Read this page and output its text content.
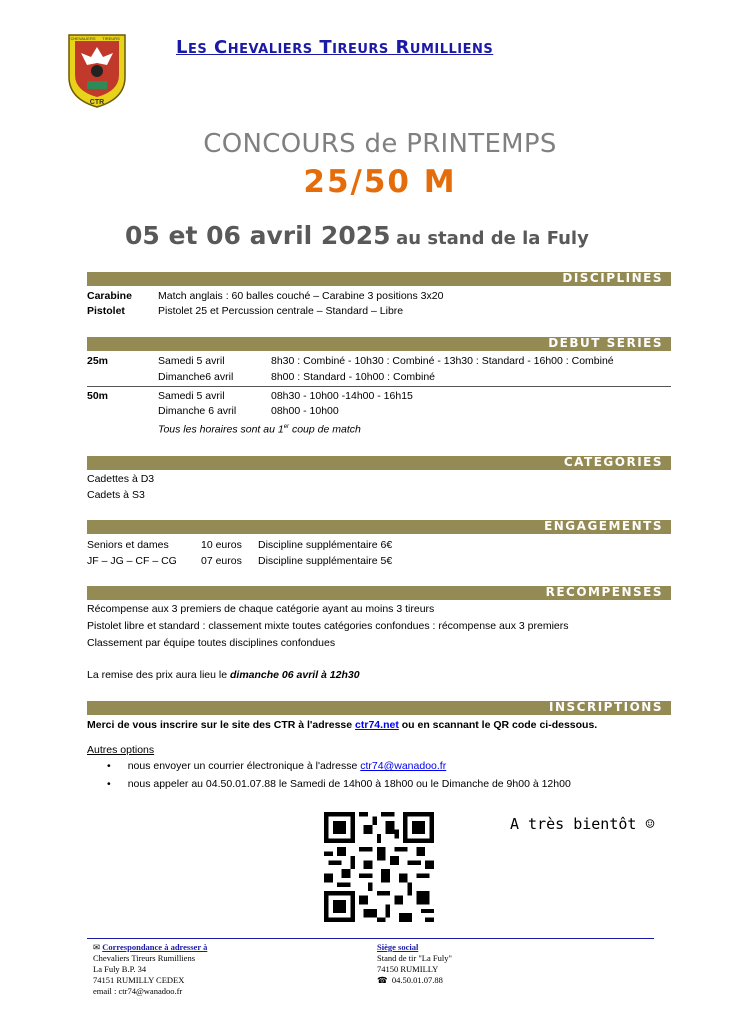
CTR
CHEVALIERS TIREURS	Les Chevaliers Tireurs Rumilliens
CONCOURS de PRINTEMPS
25/50 M
05 et 06 avril 2025 au stand de la Fuly
DISCIPLINES
Carabine Match anglais : 60 balles couché – Carabine 3 positions 3x20
Pistolet	Pistolet 25 et Percussion centrale – Standard – Libre
DEBUT SERIES
25m	Samedi 5 avril	8h30 : Combiné - 10h30 : Combiné - 13h30 : Standard - 16h00 : Combiné
Dimanche6 avril	8h00 : Standard - 10h00 : Combiné
50m	Samedi 5 avril	08h30 - 10h00 -14h00 - 16h15
Dimanche 6 avril	08h00 - 10h00
Tous les horaires sont au 1er coup de match
CATEGORIES
Cadettes à D3
Cadets à S3
ENGAGEMENTS
Seniors et dames	10 euros Discipline supplémentaire 6€
JF – JG – CF – CG 07 euros Discipline supplémentaire 5€
RECOMPENSES
Récompense aux 3 premiers de chaque catégorie ayant au moins 3 tireurs
Pistolet libre et standard : classement mixte toutes catégories confondues : récompense aux 3 premiers
Classement par équipe toutes disciplines confondues
La remise des prix aura lieu le dimanche 06 avril à 12h30
INSCRIPTIONS
Merci de vous inscrire sur le site des CTR à l'adresse ctr74.net ou en scannant le QR code ci-dessous.
Autres options
• nous envoyer un courrier électronique à l'adresse ctr74@wanadoo.fr
• nous appeler au 04.50.01.07.88 le Samedi de 14h00 à 18h00 ou le Dimanche de 9h00 à 12h00
A très bientôt ☺
✉ Correspondance à adresser à
Chevaliers Tireurs Rumilliens
La Fuly B.P. 34
74151 RUMILLY CEDEX
email : ctr74@wanadoo.fr
Siège social
Stand de tir "La Fuly"
74150 RUMILLY
☎ 04.50.01.07.88
